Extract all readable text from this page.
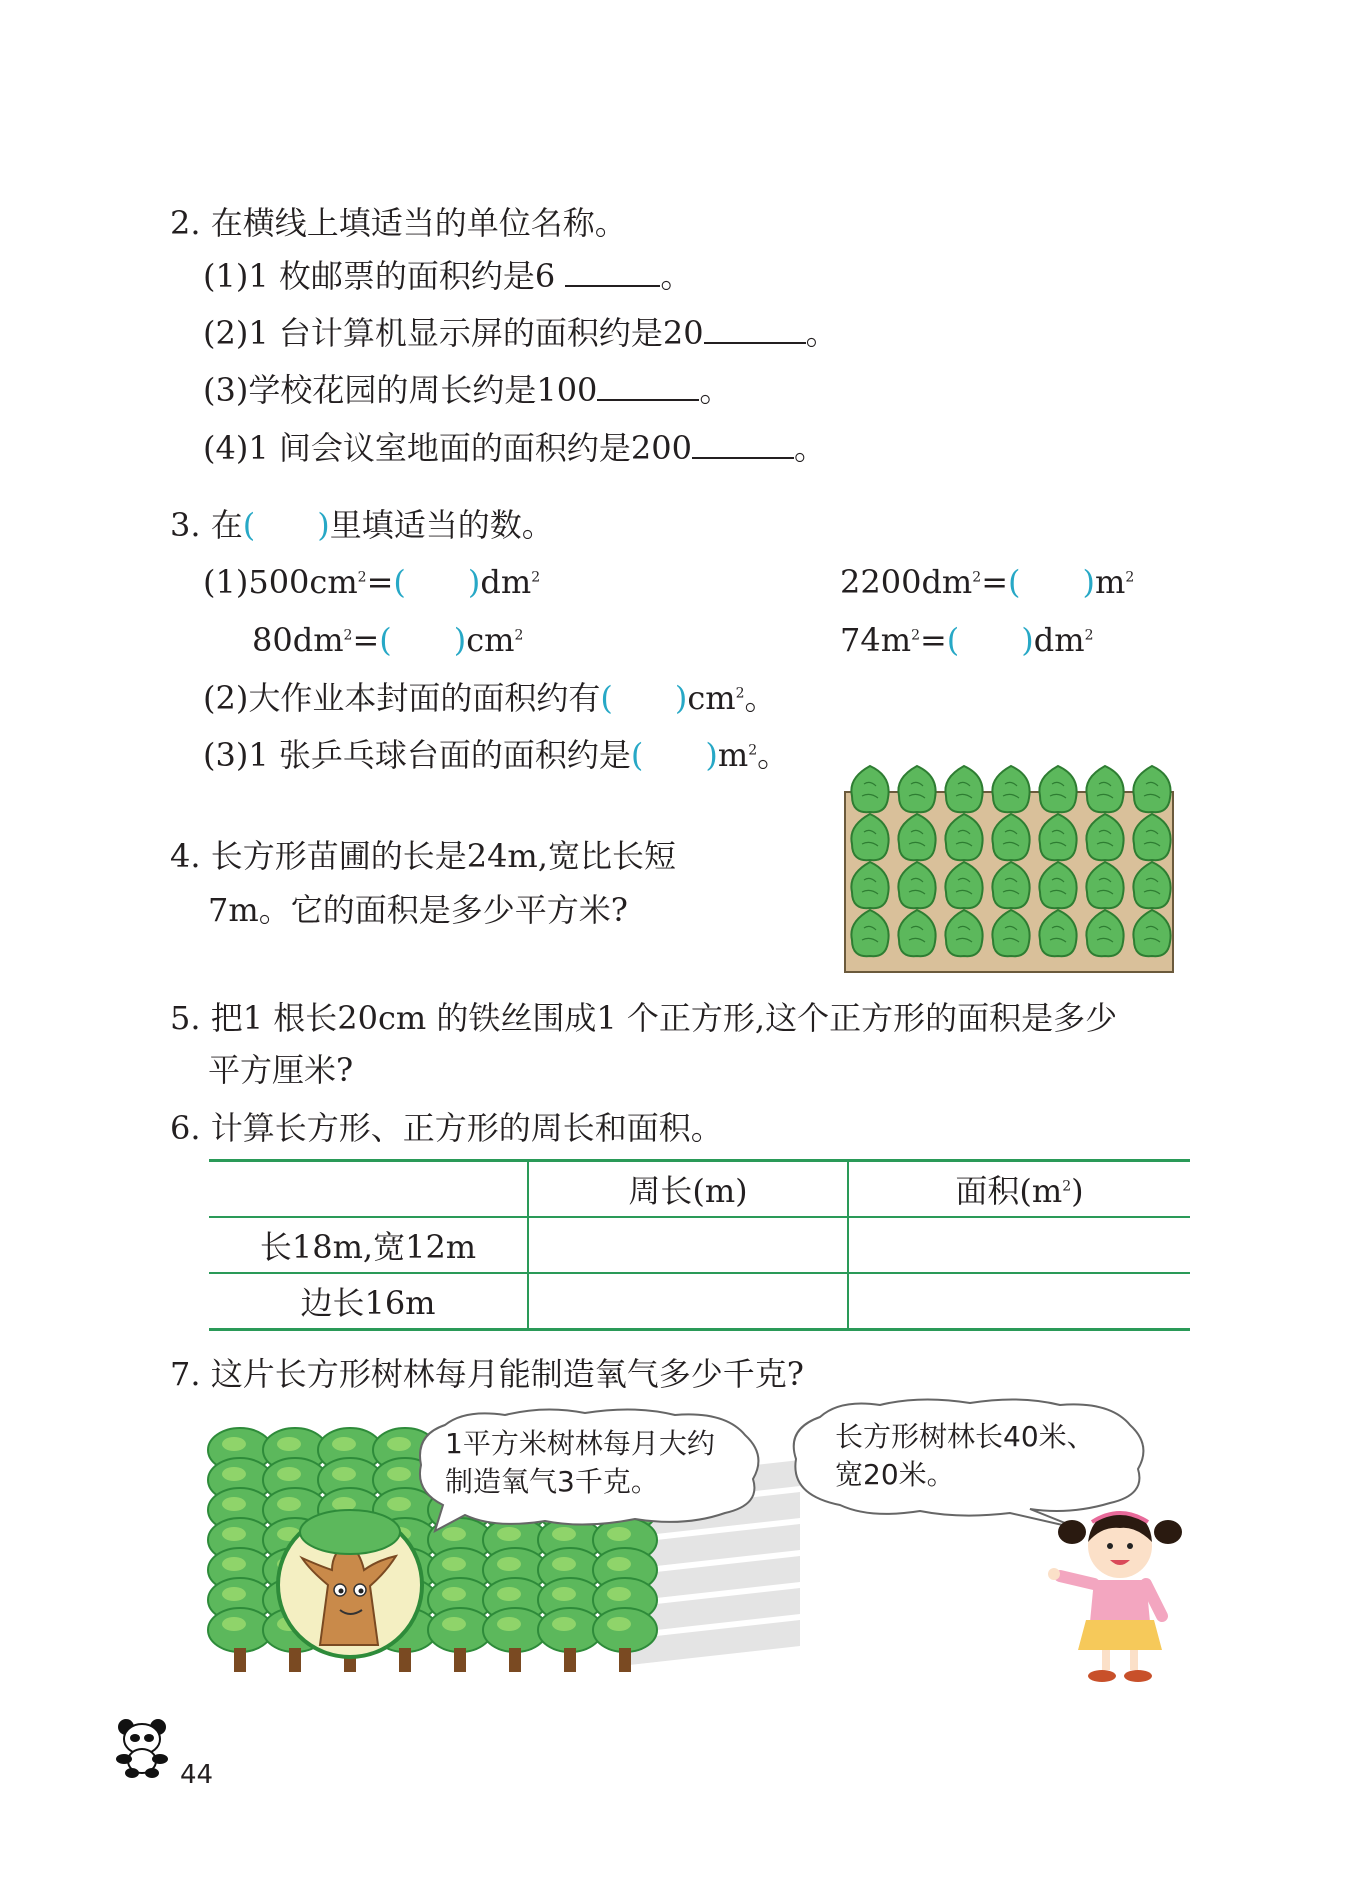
2. 在横线上填适当的单位名称。
(1)1 枚邮票的面积约是6	。
(2)1 台计算机显示屏的面积约是20	。
(3)学校花园的周长约是100	。
(4)1 间会议室地面的面积约是200	。
3. 在( )里填适当的数。
$(1)500cm^2=$( )$dm^2$	$2200dm^2=$( )$m^2$
$80dm^2=$( )$cm^2$	$74m^2=$( )$dm^2$
(2)大作业本封面的面积约有( )$cm^2$。
(3)1 张乒乓球台面的面积约是( )$m^2$。
4. 长方形苗圃的长是24m,宽比长短
7m。它的面积是多少平方米?
5. 把1 根长20cm 的铁丝围成1 个正方形,这个正方形的面积是多少
平方厘米?
6. 计算长方形、正方形的周长和面积。
	周长(m)	面积$(m^2)$
长18m,宽12m		
边长16m		
7. 这片长方形树林每月能制造氧气多少千克?
1平方米树林每月大约
制造氧气3千克。
长方形树林长40米、
宽20米。
44
